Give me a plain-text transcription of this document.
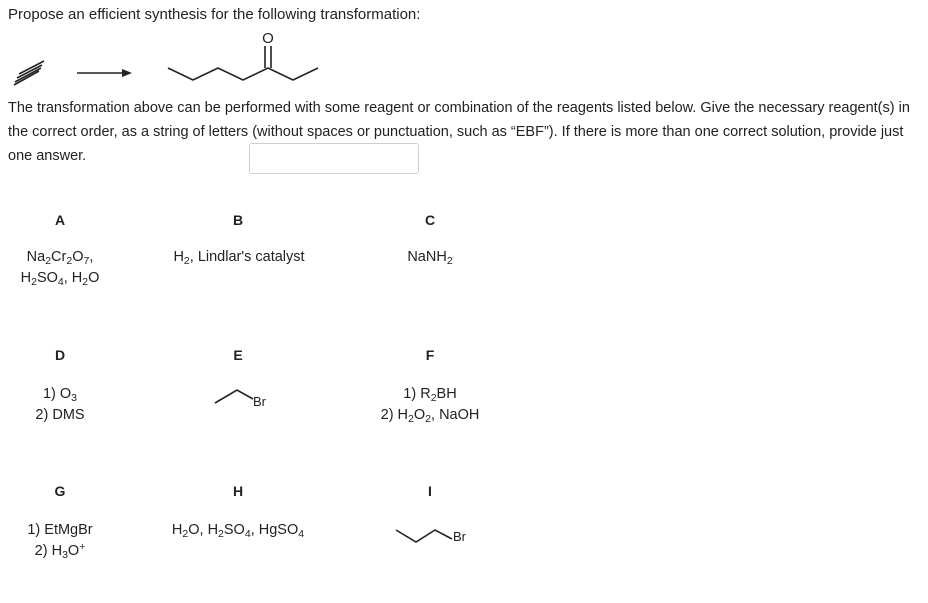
Propose an efficient synthesis for the following transformation:
O
The transformation above can be performed with some reagent or combination of the reagents listed below. Give the necessary reagent(s) in the correct order, as a string of letters (without spaces or punctuation, such as “EBF”). If there is more than one correct solution, provide just one answer.
A
$Na_2Cr_2O_7$,
$H_2SO_4$, $H_2O$
B
$H_2$, Lindlar's catalyst
C
NaNH$_2$
D
1) $O_3$
2) DMS
E
Br
F
1) $R_2BH$
2) $H_2O_2$, NaOH
G
1) EtMgBr
2) $H_3O^+$
H
$H_2O$, $H_2SO_4$, HgSO$_4$
I
Br
